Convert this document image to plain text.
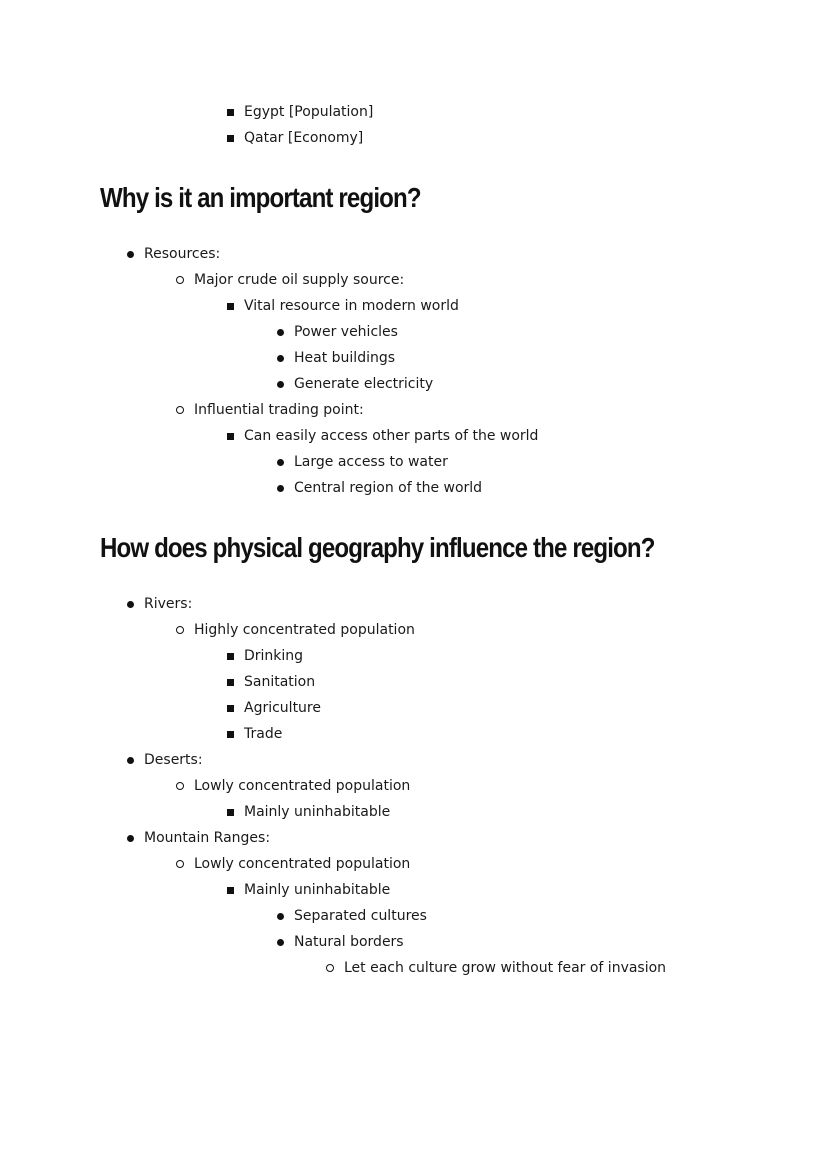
Egypt [Population]
Qatar [Economy]
Why is it an important region?
Resources:
Major crude oil supply source:
Vital resource in modern world
Power vehicles
Heat buildings
Generate electricity
Influential trading point:
Can easily access other parts of the world
Large access to water
Central region of the world
How does physical geography influence the region?
Rivers:
Highly concentrated population
Drinking
Sanitation
Agriculture
Trade
Deserts:
Lowly concentrated population
Mainly uninhabitable
Mountain Ranges:
Lowly concentrated population
Mainly uninhabitable
Separated cultures
Natural borders
Let each culture grow without fear of invasion
